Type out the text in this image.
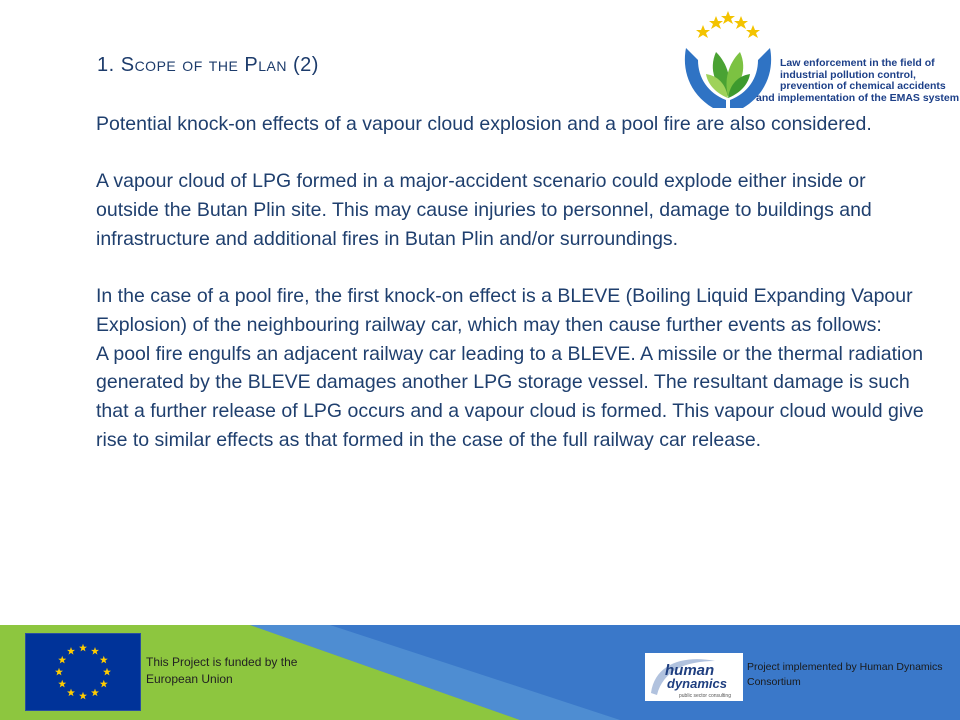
1. Scope of the Plan (2)	Law enforcement in the field of
industrial pollution control,
prevention of chemical accidents
and implementation of the EMAS system

Potential knock-on effects of a vapour cloud explosion and a pool fire are also considered.

A vapour cloud of LPG formed in a major-accident scenario could explode either inside or outside the Butan Plin site. This may cause injuries to personnel, damage to buildings and infrastructure and additional fires in Butan Plin and/or surroundings.

In the case of a pool fire, the first knock-on effect is a BLEVE (Boiling Liquid Expanding Vapour Explosion) of the neighbouring railway car, which may then cause further events as follows:

A pool fire engulfs an adjacent railway car leading to a BLEVE. A missile or the thermal radiation generated by the BLEVE damages another LPG storage vessel. The resultant damage is such that a further release of LPG occurs and a vapour cloud is formed. This vapour cloud would give rise to similar effects as that formed in the case of the full railway car release.

This Project is funded by the European Union	human
dynamics
public sector consulting
Project implemented by Human Dynamics Consortium
